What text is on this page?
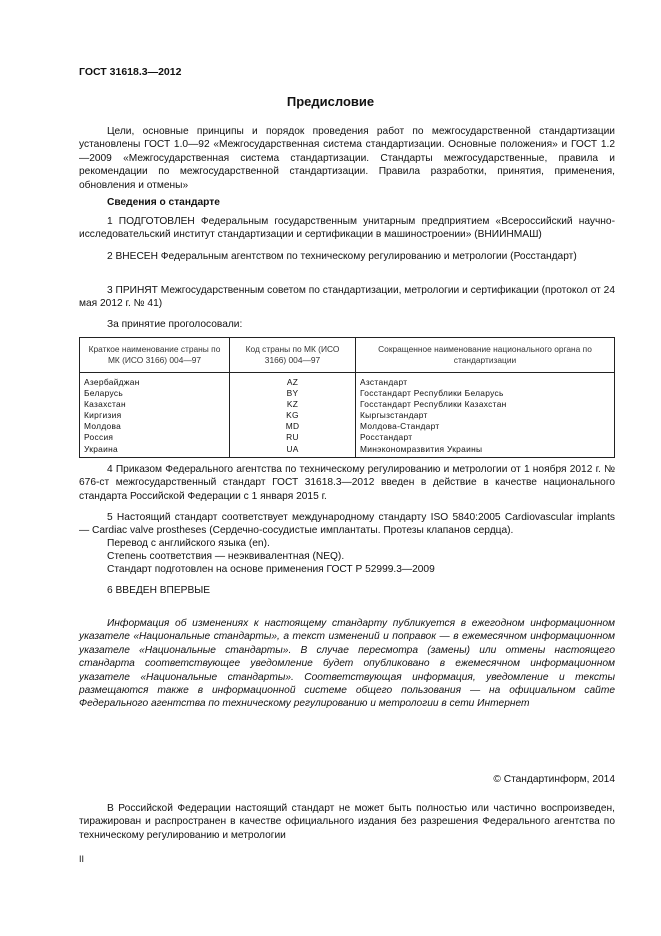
ГОСТ 31618.3—2012
Предисловие

Цели, основные принципы и порядок проведения работ по межгосударственной стандартизации установлены ГОСТ 1.0—92 «Межгосударственная система стандартизации. Основные положения» и ГОСТ 1.2—2009 «Межгосударственная система стандартизации. Стандарты межгосударственные, правила и рекомендации по межгосударственной стандартизации. Правила разработки, принятия, применения, обновления и отмены»

Сведения о стандарте

1 ПОДГОТОВЛЕН Федеральным государственным унитарным предприятием «Всероссийский научно-исследовательский институт стандартизации и сертификации в машиностроении» (ВНИИНМАШ)

2 ВНЕСЕН Федеральным агентством по техническому регулированию и метрологии (Росстандарт)

3 ПРИНЯТ Межгосударственным советом по стандартизации, метрологии и сертификации (протокол от 24 мая 2012 г. № 41)

За принятие проголосовали:

Краткое наименование страны по МК (ИСО 3166) 004—97	Код страны по МК (ИСО 3166) 004—97	Сокращенное наименование национального органа по стандартизации
Азербайджан	AZ	Азстандарт
Беларусь	BY	Госстандарт Республики Беларусь
Казахстан	KZ	Госстандарт Республики Казахстан
Киргизия	KG	Кыргызстандарт
Молдова	MD	Молдова-Стандарт
Россия	RU	Росстандарт
Украина	UA	Минэкономразвития Украины

4 Приказом Федерального агентства по техническому регулированию и метрологии от 1 ноября 2012 г. № 676-ст межгосударственный стандарт ГОСТ 31618.3—2012 введен в действие в качестве национального стандарта Российской Федерации с 1 января 2015 г.

5 Настоящий стандарт соответствует международному стандарту ISO 5840:2005 Cardiovascular implants — Cardiac valve prostheses (Сердечно-сосудистые имплантаты. Протезы клапанов сердца).

Перевод с английского языка (en).

Степень соответствия — неэквивалентная (NEQ).

Стандарт подготовлен на основе применения ГОСТ Р 52999.3—2009

6 ВВЕДЕН ВПЕРВЫЕ

Информация об изменениях к настоящему стандарту публикуется в ежегодном информационном указателе «Национальные стандарты», а текст изменений и поправок — в ежемесячном информационном указателе «Национальные стандарты». В случае пересмотра (замены) или отмены настоящего стандарта соответствующее уведомление будет опубликовано в ежемесячном информационном указателе «Национальные стандарты». Соответствующая информация, уведомление и тексты размещаются также в информационной системе общего пользования — на официальном сайте Федерального агентства по техническому регулированию и метрологии в сети Интернет

© Стандартинформ, 2014

В Российской Федерации настоящий стандарт не может быть полностью или частично воспроизведен, тиражирован и распространен в качестве официального издания без разрешения Федерального агентства по техническому регулированию и метрологии

II
